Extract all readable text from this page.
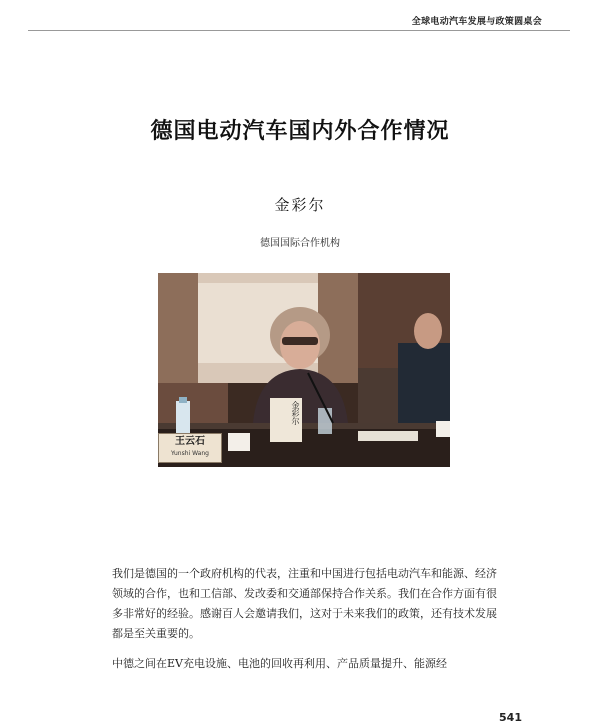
全球电动汽车发展与政策圆桌会
德国电动汽车国内外合作情况
金彩尔
德国国际合作机构
王云石
Yunshi Wang
金彩尔
我们是德国的一个政府机构的代表，注重和中国进行包括电动汽车和能源、经济领域的合作，也和工信部、发改委和交通部保持合作关系。我们在合作方面有很多非常好的经验。感谢百人会邀请我们，这对于未来我们的政策，还有技术发展都是至关重要的。
中德之间在EV充电设施、电池的回收再利用、产品质量提升、能源经
541
